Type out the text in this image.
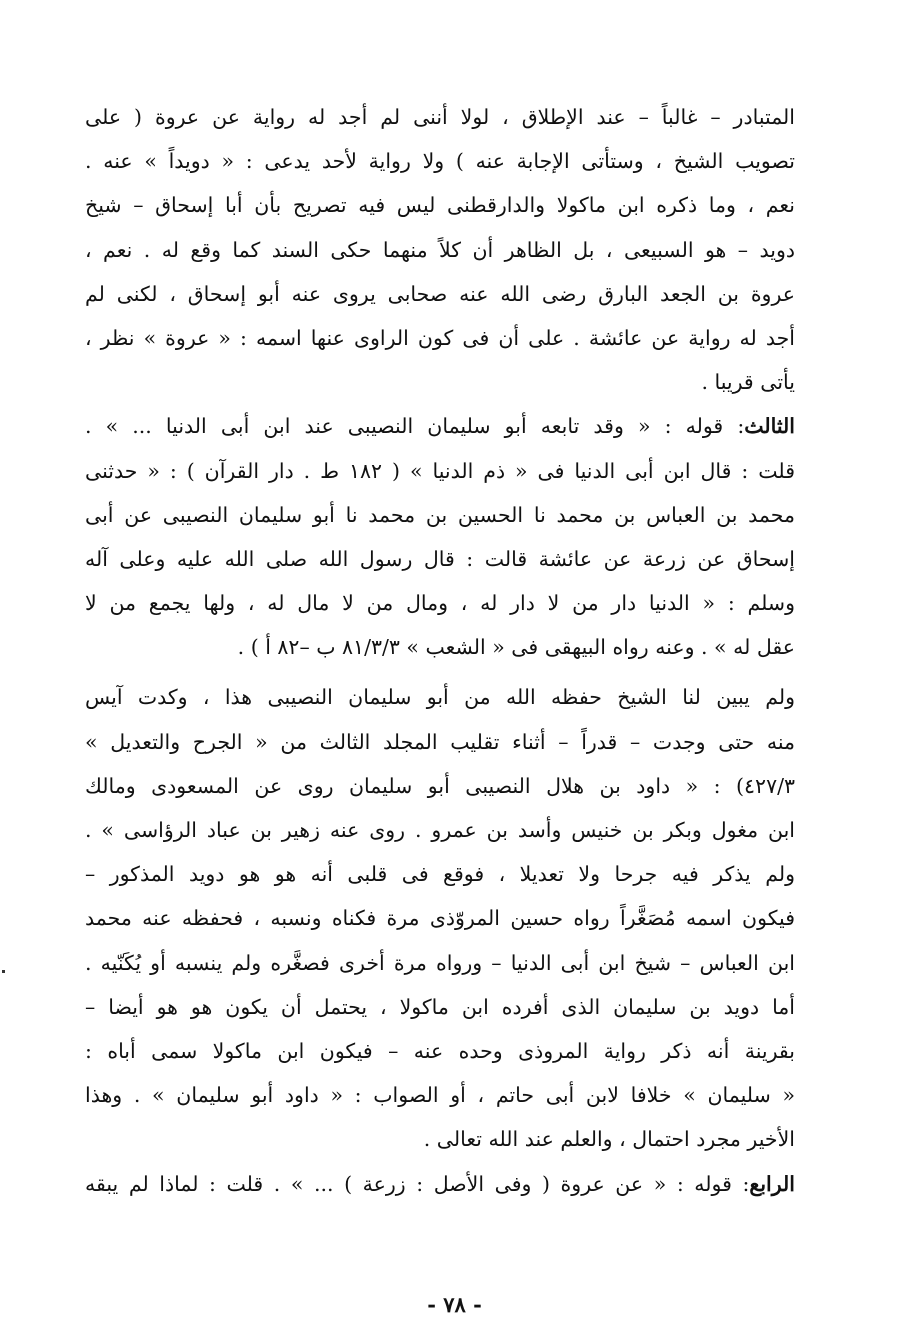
المتبادر – غالباً – عند الإطلاق ، لولا أننى لم أجد له رواية عن عروة ( على
تصويب الشيخ ، وستأتى الإجابة عنه ) ولا رواية لأحد يدعى : « دويداً » عنه .
نعم ، وما ذكره ابن ماكولا والدارقطنى ليس فيه تصريح بأن أبا إسحاق – شيخ
دويد – هو السبيعى ، بل الظاهر أن كلاً منهما حكى السند كما وقع له . نعم ،
عروة بن الجعد البارق رضى الله عنه صحابى يروى عنه أبو إسحاق ، لكنى لم
أجد له رواية عن عائشة . على أن فى كون الراوى عنها اسمه : « عروة » نظر ،
يأتى قريبا .
الثالث: قوله : « وقد تابعه أبو سليمان النصيبى عند ابن أبى الدنيا ... » .
قلت : قال ابن أبى الدنيا فى « ذم الدنيا » ( ١٨٢ ط . دار القرآن ) : « حدثنى
محمد بن العباس بن محمد نا الحسين بن محمد نا أبو سليمان النصيبى عن أبى
إسحاق عن زرعة عن عائشة قالت : قال رسول الله صلى الله عليه وعلى آله
وسلم : « الدنيا دار من لا دار له ، ومال من لا مال له ، ولها يجمع من لا
عقل له » . وعنه رواه البيهقى فى « الشعب » ٨١/٣/٣ ب –٨٢ أ ) .
ولم يبين لنا الشيخ حفظه الله من أبو سليمان النصيبى هذا ، وكدت آيس
منه حتى وجدت – قدراً – أثناء تقليب المجلد الثالث من « الجرح والتعديل »
٤٢٧/٣) : « داود بن هلال النصيبى أبو سليمان روى عن المسعودى ومالك
ابن مغول وبكر بن خنيس وأسد بن عمرو . روى عنه زهير بن عباد الرؤاسى » .
ولم يذكر فيه جرحا ولا تعديلا ، فوقع فى قلبى أنه هو هو دويد المذكور –
فيكون اسمه مُصَغَّراً رواه حسين المروّذى مرة فكناه ونسبه ، فحفظه عنه محمد
ابن العباس – شيخ ابن أبى الدنيا – ورواه مرة أخرى فصغَّره ولم ينسبه أو يُكَنّيه .
أما دويد بن سليمان الذى أفرده ابن ماكولا ، يحتمل أن يكون هو هو أيضا –
بقرينة أنه ذكر رواية المروذى وحده عنه – فيكون ابن ماكولا سمى أباه :
« سليمان » خلافا لابن أبى حاتم ، أو الصواب : « داود أبو سليمان » . وهذا
الأخير مجرد احتمال ، والعلم عند الله تعالى .
الرابع: قوله : « عن عروة ( وفى الأصل : زرعة ) ... » . قلت : لماذا لم يبقه
- ٧٨ -
